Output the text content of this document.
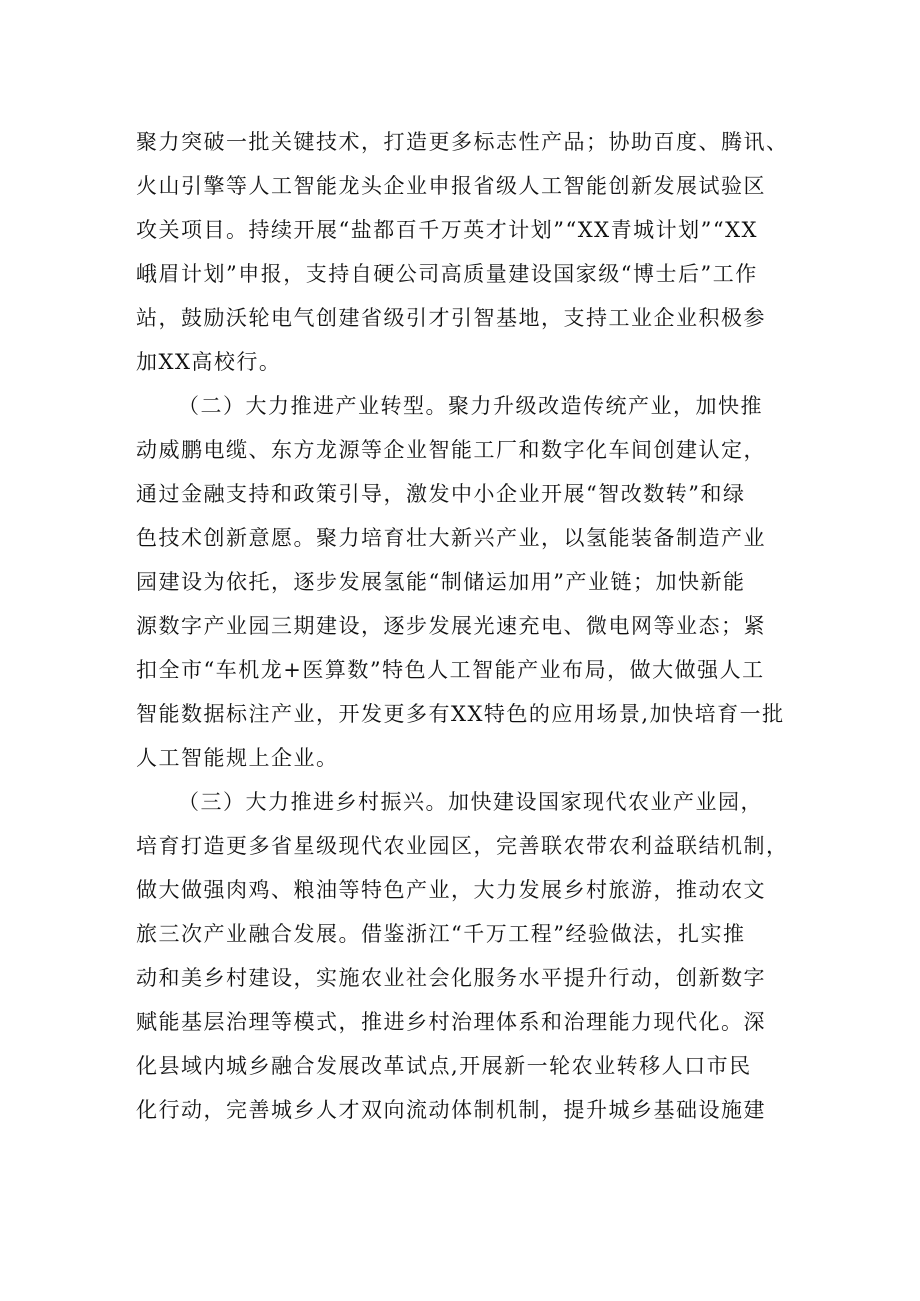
聚力突破一批关键技术，打造更多标志性产品；协助百度、腾讯、
火山引擎等人工智能龙头企业申报省级人工智能创新发展试验区
攻关项目。持续开展“盐都百千万英才计划”“XX青城计划”“XX
峨眉计划”申报，支持自硬公司高质量建设国家级“博士后”工作
站，鼓励沃轮电气创建省级引才引智基地，支持工业企业积极参
加XX高校行。
（二）大力推进产业转型。聚力升级改造传统产业，加快推
动威鹏电缆、东方龙源等企业智能工厂和数字化车间创建认定，
通过金融支持和政策引导，激发中小企业开展“智改数转”和绿
色技术创新意愿。聚力培育壮大新兴产业，以氢能装备制造产业
园建设为依托，逐步发展氢能“制储运加用”产业链；加快新能
源数字产业园三期建设，逐步发展光速充电、微电网等业态；紧
扣全市“车机龙+医算数”特色人工智能产业布局，做大做强人工
智能数据标注产业，开发更多有XX特色的应用场景,加快培育一批
人工智能规上企业。
（三）大力推进乡村振兴。加快建设国家现代农业产业园，
培育打造更多省星级现代农业园区，完善联农带农利益联结机制，
做大做强肉鸡、粮油等特色产业，大力发展乡村旅游，推动农文
旅三次产业融合发展。借鉴浙江“千万工程”经验做法，扎实推
动和美乡村建设，实施农业社会化服务水平提升行动，创新数字
赋能基层治理等模式，推进乡村治理体系和治理能力现代化。深
化县域内城乡融合发展改革试点,开展新一轮农业转移人口市民
化行动，完善城乡人才双向流动体制机制，提升城乡基础设施建
